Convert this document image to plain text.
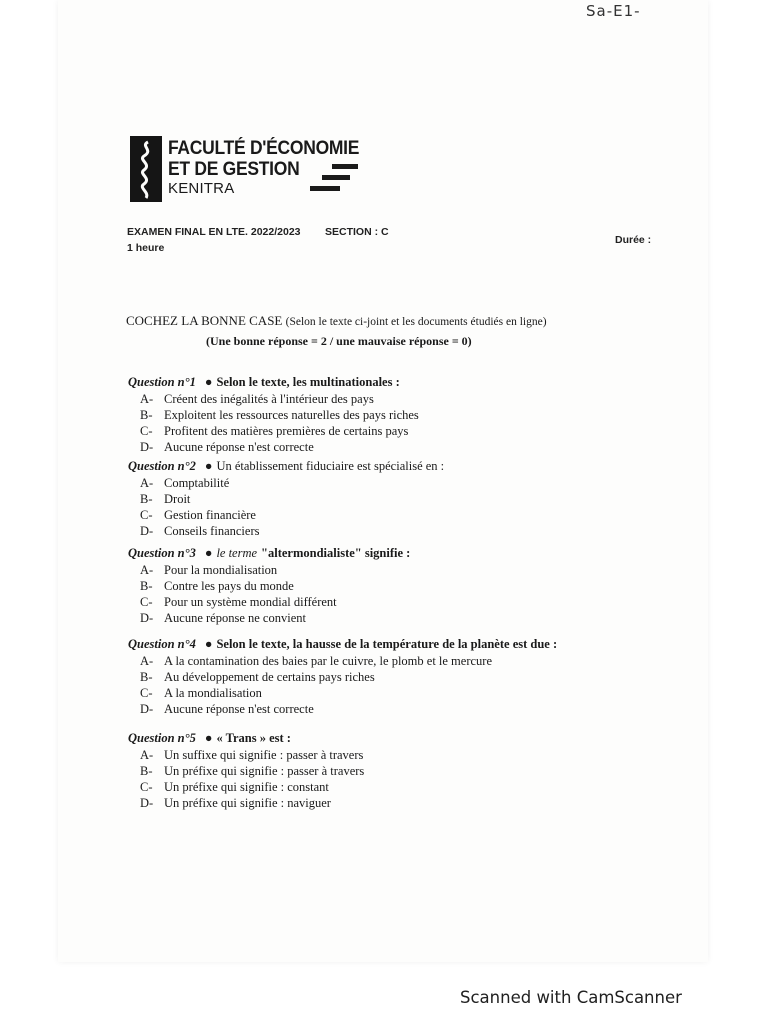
Sa-E1-
FACULTÉ D'ÉCONOMIE
ET DE GESTION
KENITRA
EXAMEN FINAL EN LTE. 2022/2023 SECTION : C
Durée :
1 heure
COCHEZ LA BONNE CASE (Selon le texte ci-joint et les documents étudiés en ligne)
(Une bonne réponse = 2 / une mauvaise réponse = 0)
Question n°1 ● Selon le texte, les multinationales :
A- Créent des inégalités à l'intérieur des pays
B- Exploitent les ressources naturelles des pays riches
C- Profitent des matières premières de certains pays
D- Aucune réponse n'est correcte
Question n°2 ● Un établissement fiduciaire est spécialisé en :
A- Comptabilité
B- Droit
C- Gestion financière
D- Conseils financiers
Question n°3 ● le terme "altermondialiste" signifie :
A- Pour la mondialisation
B- Contre les pays du monde
C- Pour un système mondial différent
D- Aucune réponse ne convient
Question n°4 ● Selon le texte, la hausse de la température de la planète est due :
A- A la contamination des baies par le cuivre, le plomb et le mercure
B- Au développement de certains pays riches
C- A la mondialisation
D- Aucune réponse n'est correcte
Question n°5 ● « Trans » est :
A- Un suffixe qui signifie : passer à travers
B- Un préfixe qui signifie : passer à travers
C- Un préfixe qui signifie : constant
D- Un préfixe qui signifie : naviguer
Scanned with CamScanner
